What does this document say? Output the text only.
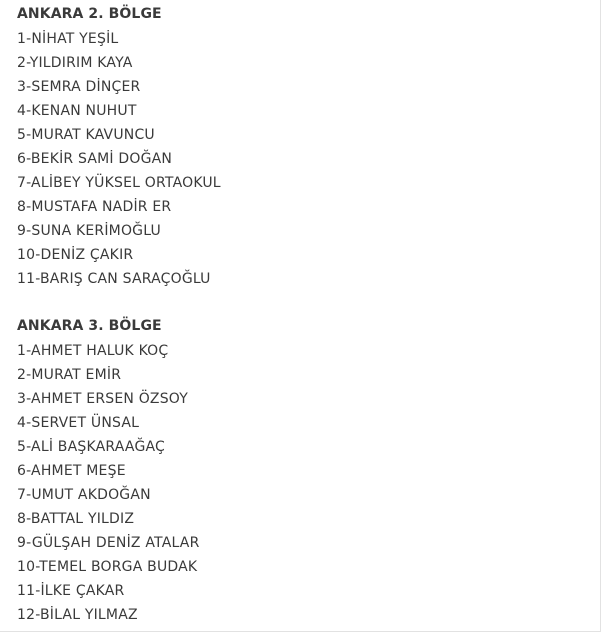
ANKARA 2. BÖLGE
1-NİHAT YEŞİL
2-YILDIRIM KAYA
3-SEMRA DİNÇER
4-KENAN NUHUT
5-MURAT KAVUNCU
6-BEKİR SAMİ DOĞAN
7-ALİBEY YÜKSEL ORTAOKUL
8-MUSTAFA NADİR ER
9-SUNA KERİMOĞLU
10-DENİZ ÇAKIR
11-BARIŞ CAN SARAÇOĞLU
ANKARA 3. BÖLGE
1-AHMET HALUK KOÇ
2-MURAT EMİR
3-AHMET ERSEN ÖZSOY
4-SERVET ÜNSAL
5-ALİ BAŞKARAAĞAÇ
6-AHMET MEŞE
7-UMUT AKDOĞAN
8-BATTAL YILDIZ
9-GÜLŞAH DENİZ ATALAR
10-TEMEL BORGA BUDAK
11-İLKE ÇAKAR
12-BİLAL YILMAZ
